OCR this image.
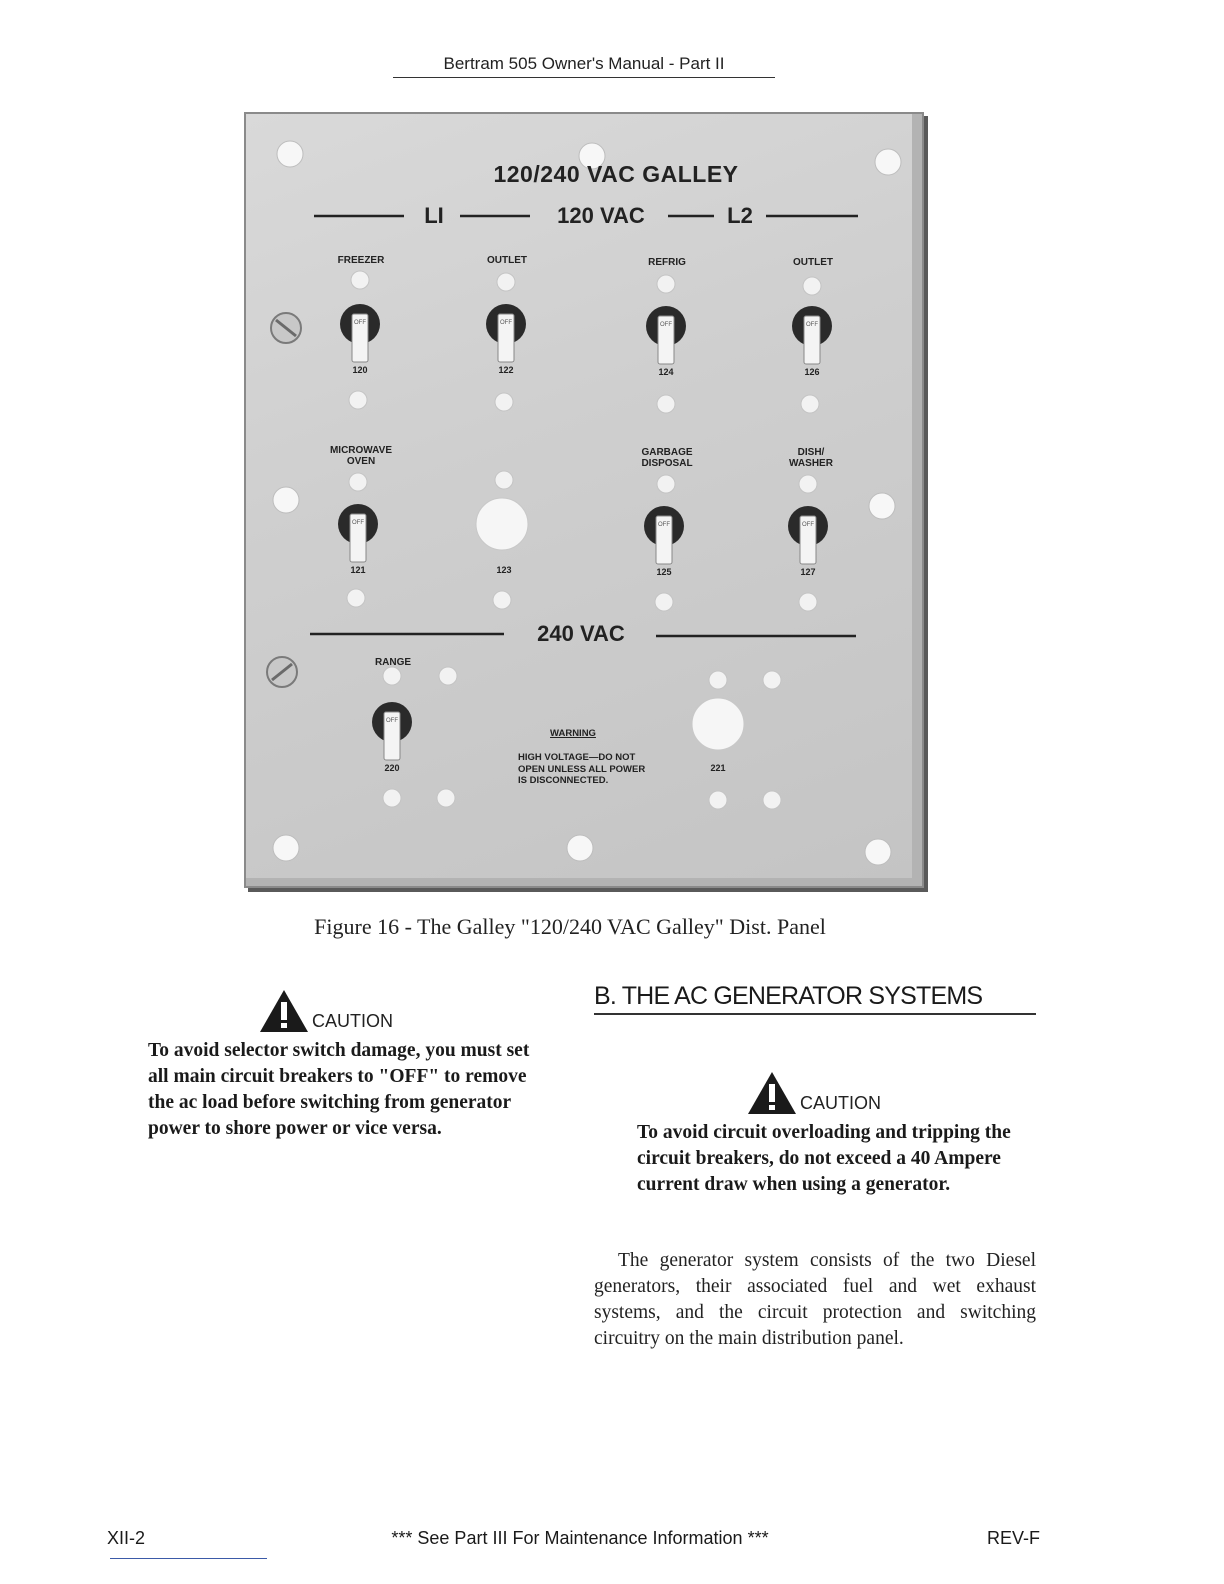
Bertram 505 Owner's Manual - Part II
OFF	OFF	OFF	OFF
OFF	OFF	OFF
OFF
120/240 VAC GALLEY
LI	120 VAC	L2
240 VAC
FREEZER	OUTLET	REFRIG	OUTLET
MICROWAVE
OVEN
GARBAGE
DISPOSAL
DISH/
WASHER
RANGE
120	122	124	126
121	123	125	127
220	221

WARNING

HIGH VOLTAGE—DO NOT
OPEN UNLESS ALL POWER
IS DISCONNECTED.

Figure 16 - The Galley "120/240 VAC Galley" Dist. Panel
CAUTION
To avoid selector switch damage, you must set all main circuit breakers to "OFF" to remove the ac load before switching from generator power to shore power or vice versa.
B. THE AC GENERATOR SYSTEMS
CAUTION
To avoid circuit overloading and tripping the circuit breakers, do not exceed a 40 Ampere current draw when using a generator.
The generator system consists of the two Diesel generators, their associated fuel and wet exhaust systems, and the circuit protection and switching circuitry on the main distribution panel.
XII-2	*** See Part III For Maintenance Information ***	REV-F
